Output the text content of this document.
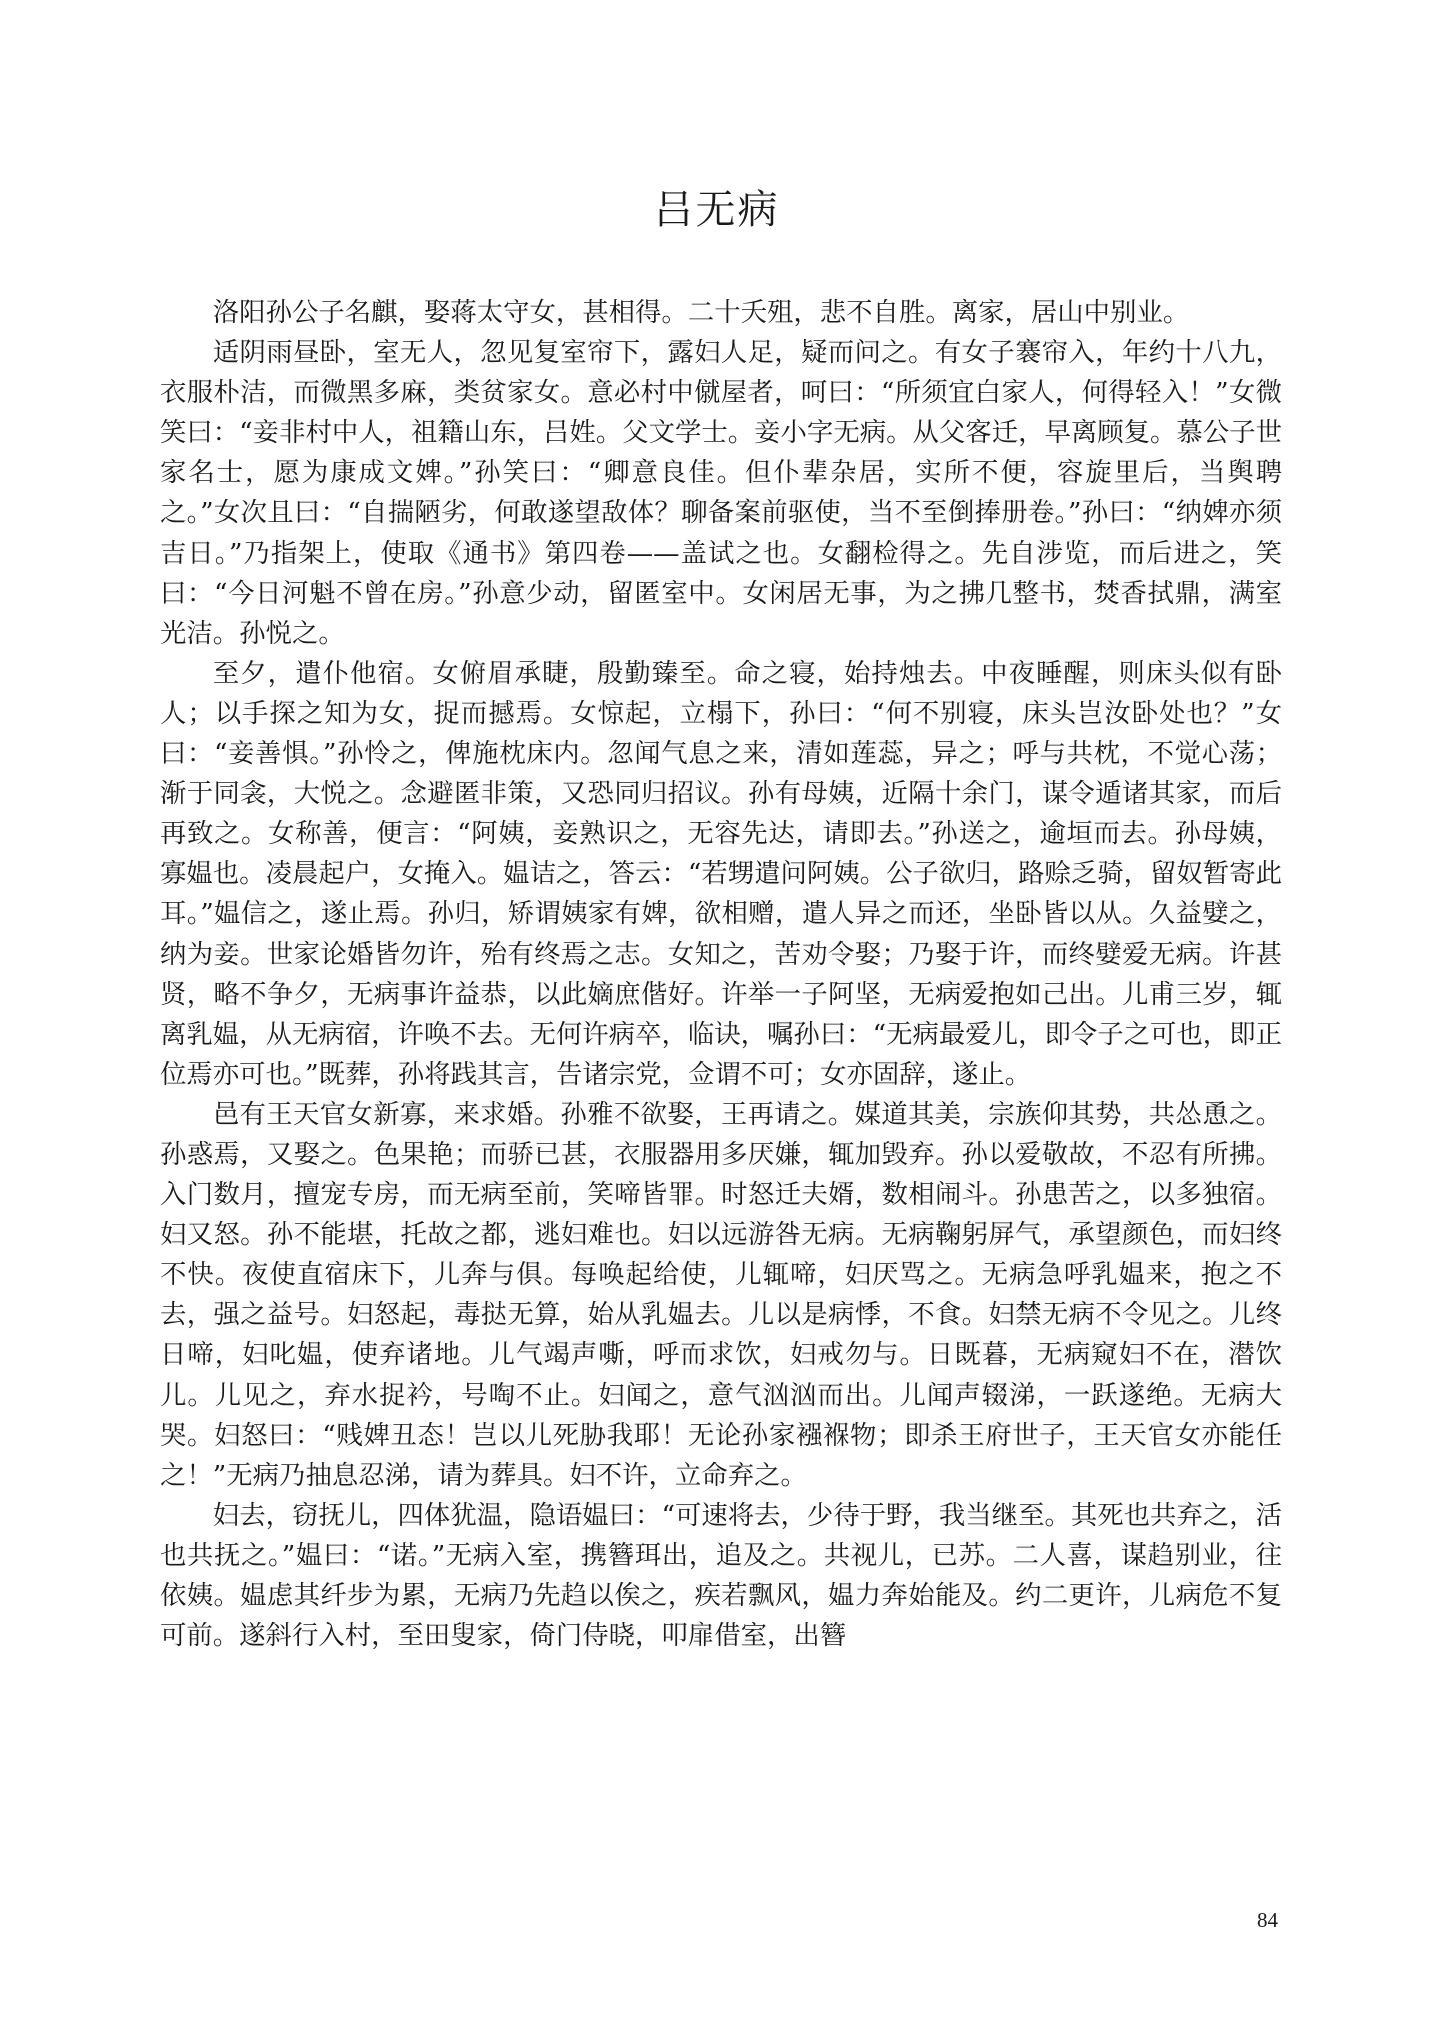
吕无病

洛阳孙公子名麒，娶蒋太守女，甚相得。二十夭殂，悲不自胜。离家，居山中别业。

适阴雨昼卧，室无人，忽见复室帘下，露妇人足，疑而问之。有女子褰帘入，年约十八九，衣服朴洁，而微黑多麻，类贫家女。意必村中僦屋者，呵曰：“所须宜白家人，何得轻入！”女微笑曰：“妾非村中人，祖籍山东，吕姓。父文学士。妾小字无病。从父客迁，早离顾复。慕公子世家名士，愿为康成文婢。”孙笑曰：“卿意良佳。但仆辈杂居，实所不便，容旋里后，当舆聘之。”女次且曰：“自揣陋劣，何敢遂望敌体？聊备案前驱使，当不至倒捧册卷。”孙曰：“纳婢亦须吉日。”乃指架上，使取《通书》第四卷——盖试之也。女翻检得之。先自涉览，而后进之，笑曰：“今日河魁不曾在房。”孙意少动，留匿室中。女闲居无事，为之拂几整书，焚香拭鼎，满室光洁。孙悦之。

至夕，遣仆他宿。女俯眉承睫，殷勤臻至。命之寝，始持烛去。中夜睡醒，则床头似有卧人；以手探之知为女，捉而撼焉。女惊起，立榻下，孙曰：“何不别寝，床头岂汝卧处也？”女曰：“妾善惧。”孙怜之，俾施枕床内。忽闻气息之来，清如莲蕊，异之；呼与共枕，不觉心荡；渐于同衾，大悦之。念避匿非策，又恐同归招议。孙有母姨，近隔十余门，谋令遁诸其家，而后再致之。女称善，便言：“阿姨，妾熟识之，无容先达，请即去。”孙送之，逾垣而去。孙母姨，寡媪也。凌晨起户，女掩入。媪诘之，答云：“若甥遣问阿姨。公子欲归，路赊乏骑，留奴暂寄此耳。”媪信之，遂止焉。孙归，矫谓姨家有婢，欲相赠，遣人异之而还，坐卧皆以从。久益嬖之，纳为妾。世家论婚皆勿许，殆有终焉之志。女知之，苦劝令娶；乃娶于许，而终嬖爱无病。许甚贤，略不争夕，无病事许益恭，以此嫡庶偕好。许举一子阿坚，无病爱抱如己出。儿甫三岁，辄离乳媪，从无病宿，许唤不去。无何许病卒，临诀，嘱孙曰：“无病最爱儿，即令子之可也，即正位焉亦可也。”既葬，孙将践其言，告诸宗党，佥谓不可；女亦固辞，遂止。

邑有王天官女新寡，来求婚。孙雅不欲娶，王再请之。媒道其美，宗族仰其势，共怂恿之。孙惑焉，又娶之。色果艳；而骄已甚，衣服器用多厌嫌，辄加毁弃。孙以爱敬故，不忍有所拂。入门数月，擅宠专房，而无病至前，笑啼皆罪。时怒迁夫婿，数相闹斗。孙患苦之，以多独宿。妇又怒。孙不能堪，托故之都，逃妇难也。妇以远游咎无病。无病鞠躬屏气，承望颜色，而妇终不快。夜使直宿床下，儿奔与俱。每唤起给使，儿辄啼，妇厌骂之。无病急呼乳媪来，抱之不去，强之益号。妇怒起，毒挞无算，始从乳媪去。儿以是病悸，不食。妇禁无病不令见之。儿终日啼，妇叱媪，使弃诸地。儿气竭声嘶，呼而求饮，妇戒勿与。日既暮，无病窥妇不在，潜饮儿。儿见之，弃水捉衿，号啕不止。妇闻之，意气汹汹而出。儿闻声辍涕，一跃遂绝。无病大哭。妇怒曰：“贱婢丑态！岂以儿死胁我耶！无论孙家襁褓物；即杀王府世子，王天官女亦能任之！”无病乃抽息忍涕，请为葬具。妇不许，立命弃之。

妇去，窃抚儿，四体犹温，隐语媪曰：“可速将去，少待于野，我当继至。其死也共弃之，活也共抚之。”媪曰：“诺。”无病入室，携簪珥出，追及之。共视儿，已苏。二人喜，谋趋别业，往依姨。媪虑其纤步为累，无病乃先趋以俟之，疾若飘风，媪力奔始能及。约二更许，儿病危不复可前。遂斜行入村，至田叟家，倚门侍晓，叩扉借室，出簪

84
